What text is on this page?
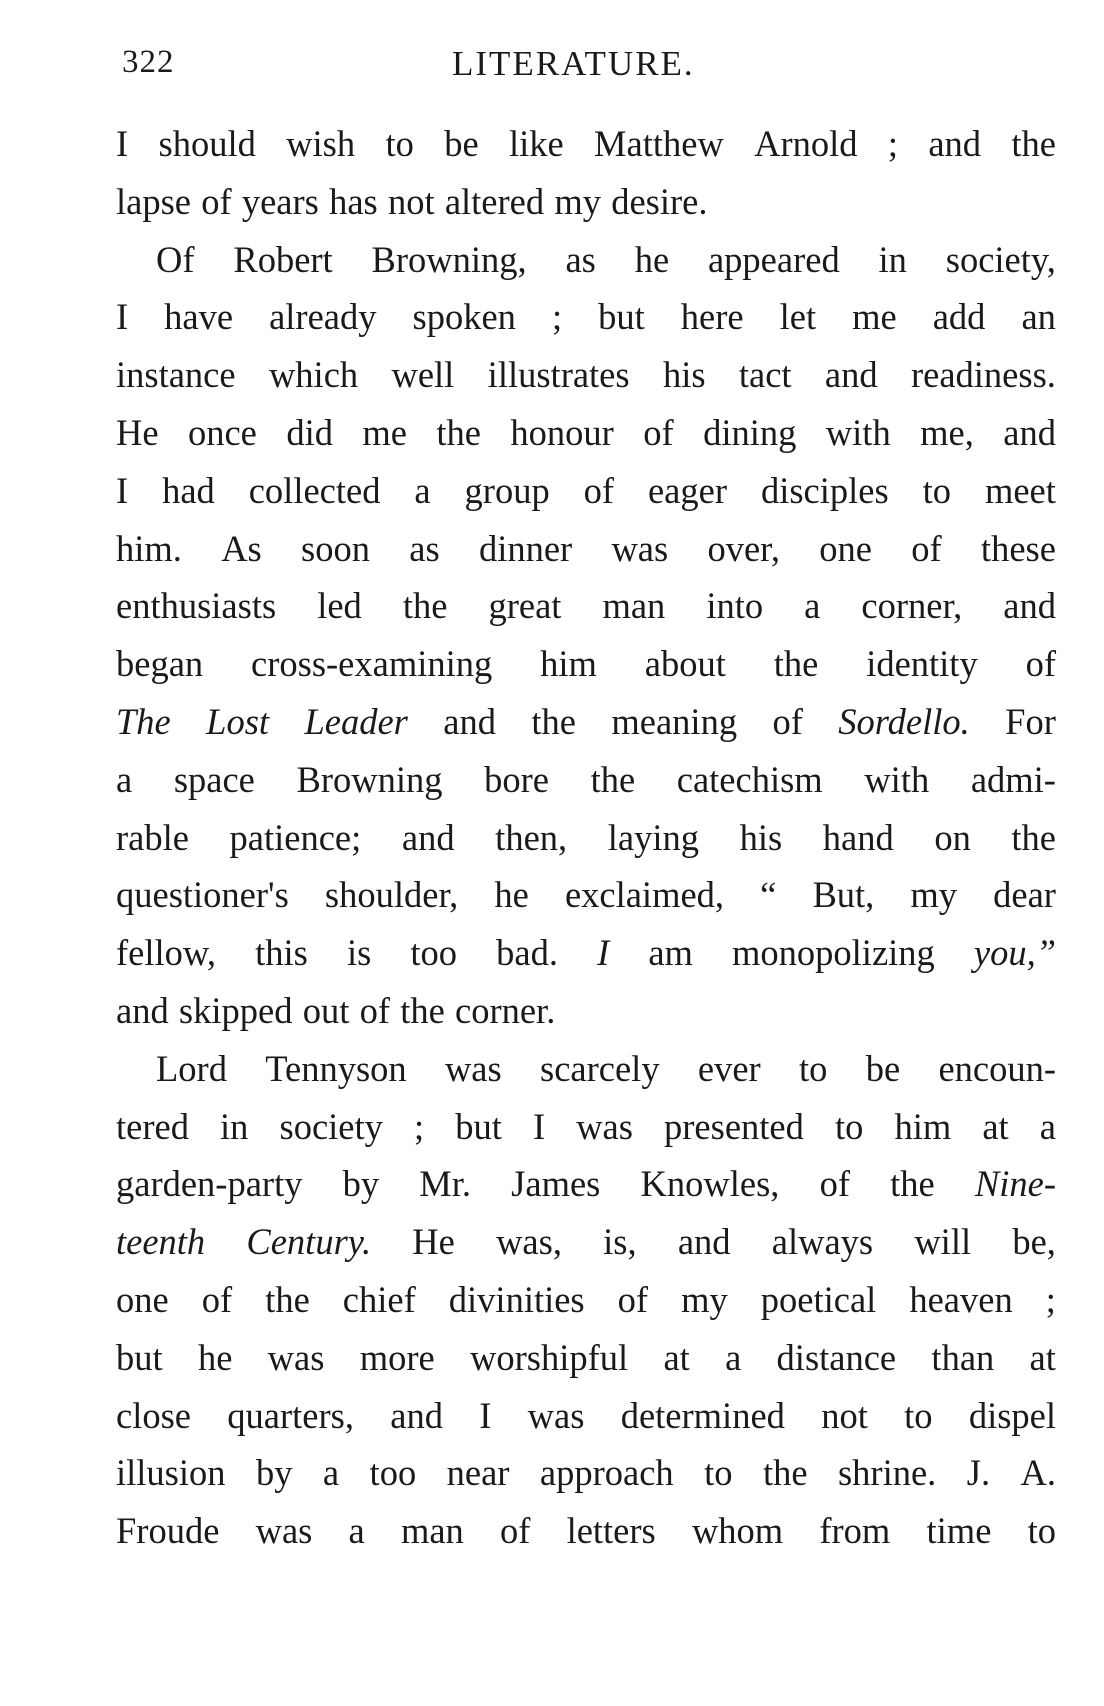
322	LITERATURE.
I should wish to be like Matthew Arnold ; and the
lapse of years has not altered my desire.
Of Robert Browning, as he appeared in society,
I have already spoken ; but here let me add an
instance which well illustrates his tact and readiness.
He once did me the honour of dining with me, and
I had collected a group of eager disciples to meet
him. As soon as dinner was over, one of these
enthusiasts led the great man into a corner, and
began cross-examining him about the identity of
The Lost Leader and the meaning of Sordello. For
a space Browning bore the catechism with admi-
rable patience; and then, laying his hand on the
questioner's shoulder, he exclaimed, “ But, my dear
fellow, this is too bad. I am monopolizing you,”
and skipped out of the corner.
Lord Tennyson was scarcely ever to be encoun-
tered in society ; but I was presented to him at a
garden-party by Mr. James Knowles, of the Nine-
teenth Century. He was, is, and always will be,
one of the chief divinities of my poetical heaven ;
but he was more worshipful at a distance than at
close quarters, and I was determined not to dispel
illusion by a too near approach to the shrine. J. A.
Froude was a man of letters whom from time to
